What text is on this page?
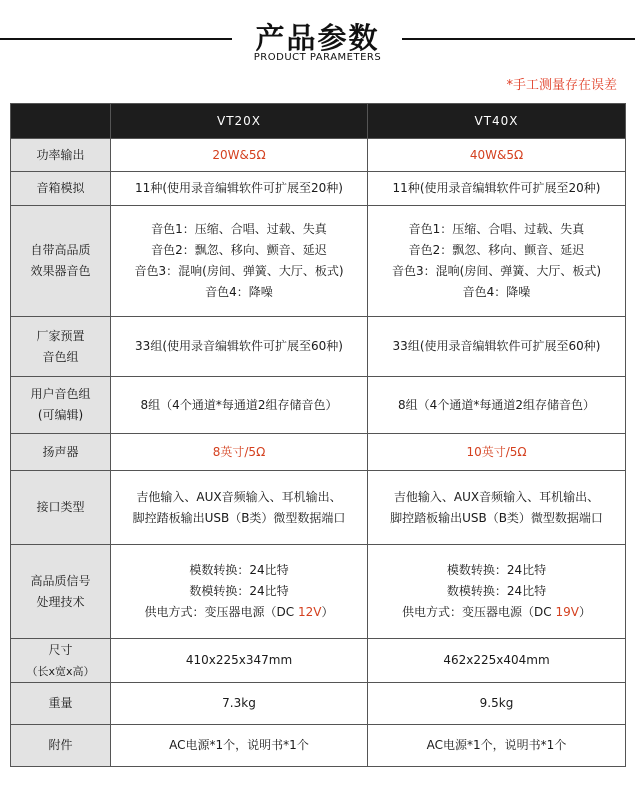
产品参数
PRODUCT PARAMETERS
*手工测量存在误差
	VT20X	VT40X
功率输出	20W&5Ω	40W&5Ω
音箱模拟	11种(使用录音编辑软件可扩展至20种)	11种(使用录音编辑软件可扩展至20种)

自带高品质
效果器音色	音色1：压缩、合唱、过载、失真
音色2：飘忽、移向、颤音、延迟
音色3：混响(房间、弹簧、大厅、板式)
音色4：降噪	音色1：压缩、合唱、过载、失真
音色2：飘忽、移向、颤音、延迟
音色3：混响(房间、弹簧、大厅、板式)
音色4：降噪

厂家预置
音色组	33组(使用录音编辑软件可扩展至60种)	33组(使用录音编辑软件可扩展至60种)

用户音色组
(可编辑)	8组（4个通道*每通道2组存储音色）	8组（4个通道*每通道2组存储音色）
扬声器	8英寸/5Ω	10英寸/5Ω
接口类型	吉他输入、AUX音频输入、耳机输出、
脚控踏板输出USB（B类）微型数据端口	吉他输入、AUX音频输入、耳机输出、
脚控踏板输出USB（B类）微型数据端口

高品质信号
处理技术	模数转换：24比特
数模转换：24比特
供电方式：变压器电源（DC 12V）	模数转换：24比特
数模转换：24比特
供电方式：变压器电源（DC 19V）

尺寸
（长x宽x高）	410x225x347mm	462x225x404mm
重量	7.3kg	9.5kg
附件	AC电源*1个，说明书*1个	AC电源*1个，说明书*1个
